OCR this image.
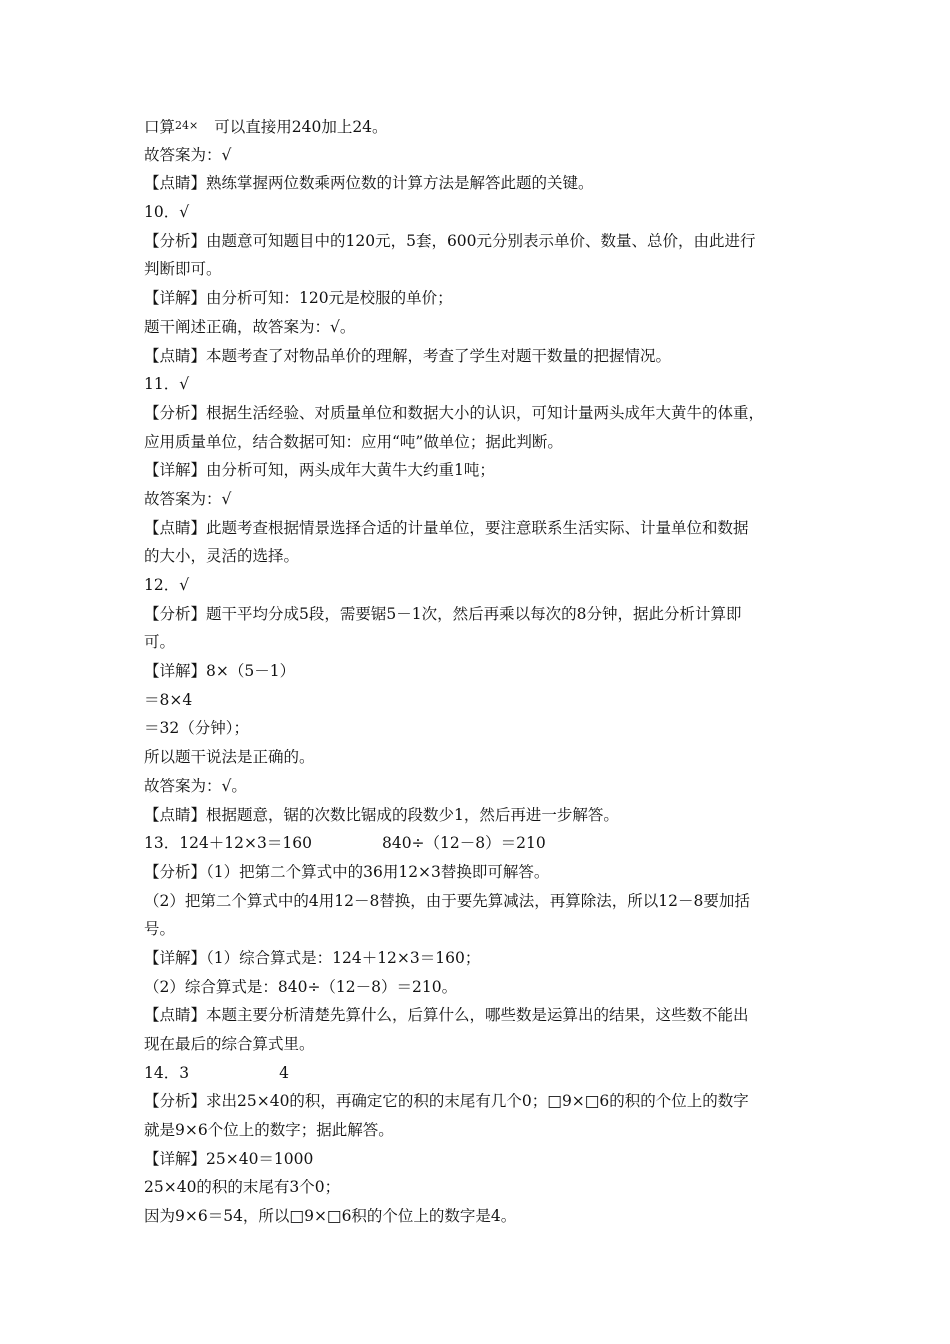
口算24× 可以直接用240加上24。
故答案为：√
【点睛】熟练掌握两位数乘两位数的计算方法是解答此题的关键。
10．√
【分析】由题意可知题目中的120元，5套，600元分别表示单价、数量、总价，由此进行
判断即可。
【详解】由分析可知：120元是校服的单价；
题干阐述正确，故答案为：√。
【点睛】本题考查了对物品单价的理解，考查了学生对题干数量的把握情况。
11．√
【分析】根据生活经验、对质量单位和数据大小的认识，可知计量两头成年大黄牛的体重，
应用质量单位，结合数据可知：应用“吨”做单位；据此判断。
【详解】由分析可知，两头成年大黄牛大约重1吨；
故答案为：√
【点睛】此题考查根据情景选择合适的计量单位，要注意联系生活实际、计量单位和数据
的大小，灵活的选择。
12．√
【分析】题干平均分成5段，需要锯5－1次，然后再乘以每次的8分钟，据此分析计算即
可。
【详解】8×（5－1）
＝8×4
＝32（分钟）；
所以题干说法是正确的。
故答案为：√。
【点睛】根据题意，锯的次数比锯成的段数少1，然后再进一步解答。
13．124＋12×3＝160	840÷（12－8）＝210
【分析】（1）把第二个算式中的36用12×3替换即可解答。
（2）把第二个算式中的4用12－8替换，由于要先算减法，再算除法，所以12－8要加括
号。
【详解】（1）综合算式是：124＋12×3＝160；
（2）综合算式是：840÷（12－8）＝210。
【点睛】本题主要分析清楚先算什么，后算什么，哪些数是运算出的结果，这些数不能出
现在最后的综合算式里。
14．3	4
【分析】求出25×40的积，再确定它的积的末尾有几个0；□9×□6的积的个位上的数字
就是9×6个位上的数字；据此解答。
【详解】25×40＝1000
25×40的积的末尾有3个0；
因为9×6＝54，所以□9×□6积的个位上的数字是4。
